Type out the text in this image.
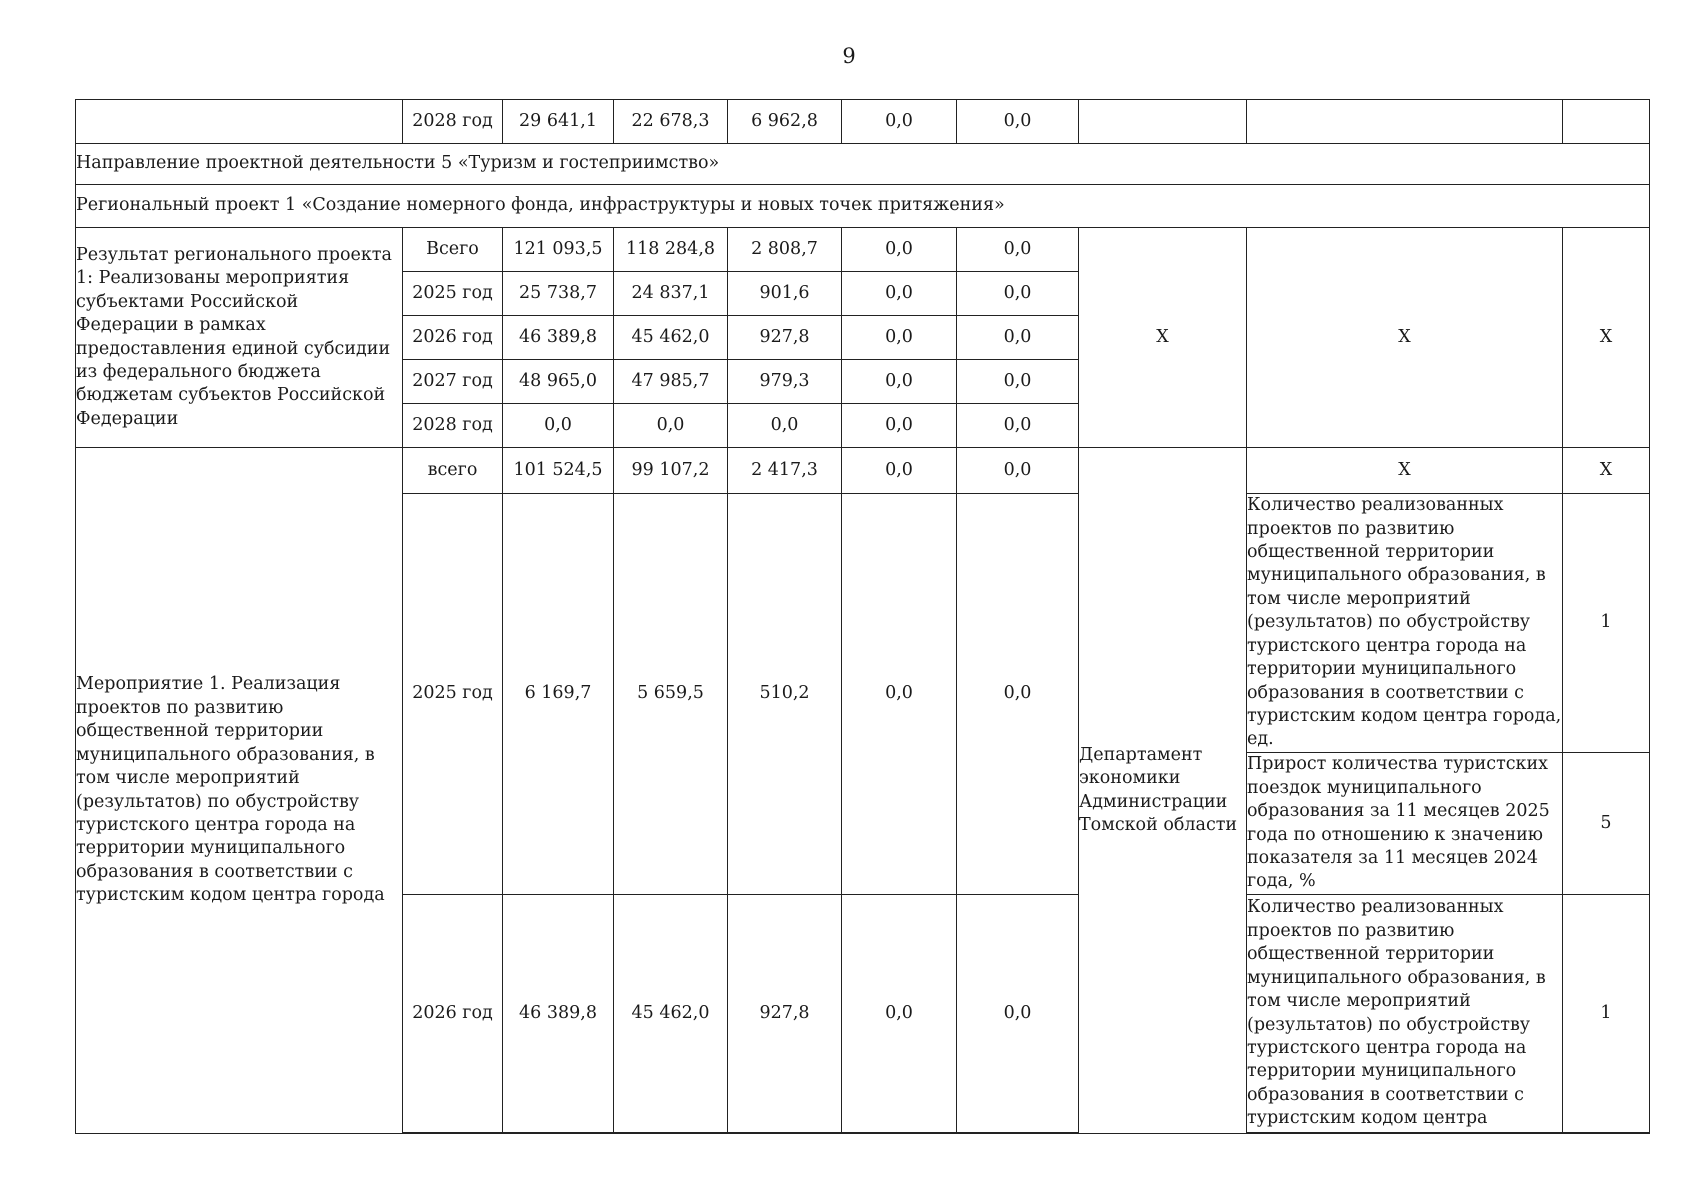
9
	2028 год	29 641,1	22 678,3	6 962,8	0,0	0,0			
Направление проектной деятельности 5 «Туризм и гостеприимство»									
Региональный проект 1 «Создание номерного фонда, инфраструктуры и новых точек притяжения»									
Результат регионального проекта 1: Реализованы мероприятия субъектами Российской Федерации в рамках предоставления единой субсидии из федерального бюджета бюджетам субъектов Российской Федерации	Всего	121 093,5	118 284,8	2 808,7	0,0	0,0	X	X	X
	2025 год	25 738,7	24 837,1	901,6	0,0	0,0			
	2026 год	46 389,8	45 462,0	927,8	0,0	0,0			
	2027 год	48 965,0	47 985,7	979,3	0,0	0,0			
	2028 год	0,0	0,0	0,0	0,0	0,0			
Мероприятие 1. Реализация проектов по развитию общественной территории муниципального образования, в том числе мероприятий (результатов) по обустройству туристского центра города на территории муниципального образования в соответствии с туристским кодом центра города	всего	101 524,5	99 107,2	2 417,3	0,0	0,0	Департамент экономики Администрации Томской области	X	X
	2025 год	6 169,7	5 659,5	510,2	0,0	0,0		Количество реализованных проектов по развитию общественной территории муниципального образования, в том числе мероприятий (результатов) по обустройству туристского центра города на территории муниципального образования в соответствии с туристским кодом центра города, ед.	1
								Прирост количества туристских поездок муниципального образования за 11 месяцев 2025 года по отношению к значению показателя за 11 месяцев 2024 года, %	5
	2026 год	46 389,8	45 462,0	927,8	0,0	0,0		Количество реализованных проектов по развитию общественной территории муниципального образования, в том числе мероприятий (результатов) по обустройству туристского центра города на территории муниципального образования в соответствии с туристским кодом центра	1
